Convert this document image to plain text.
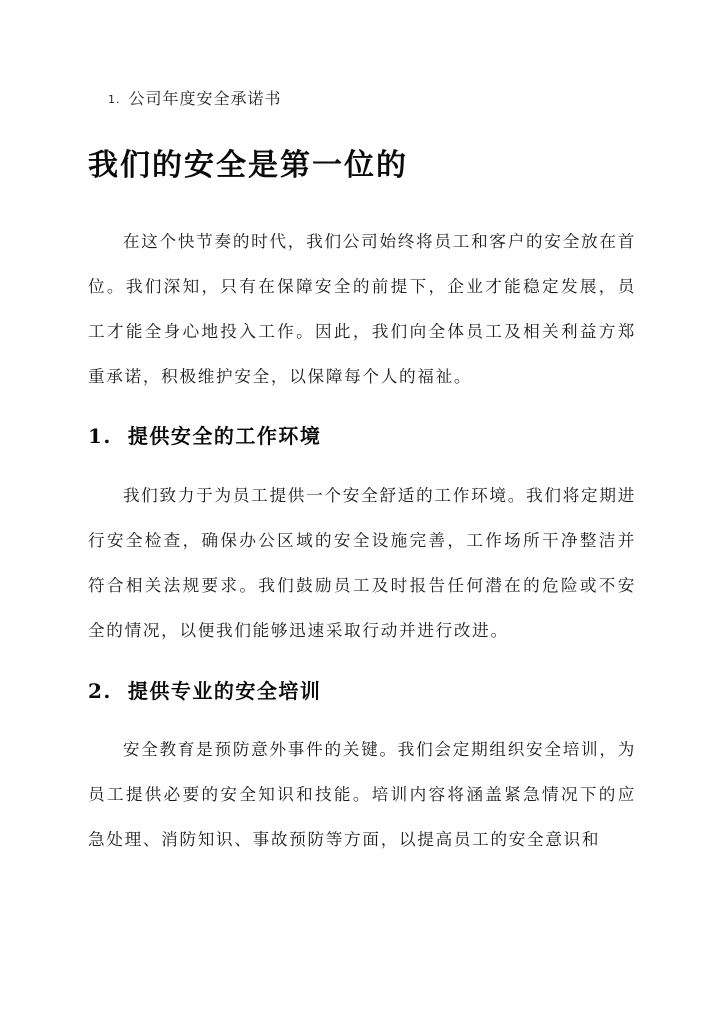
1. 公司年度安全承诺书
我们的安全是第一位的

在这个快节奏的时代，我们公司始终将员工和客户的安全放在首位。我们深知，只有在保障安全的前提下，企业才能稳定发展，员工才能全身心地投入工作。因此，我们向全体员工及相关利益方郑重承诺，积极维护安全，以保障每个人的福祉。

1. 提供安全的工作环境

我们致力于为员工提供一个安全舒适的工作环境。我们将定期进行安全检查，确保办公区域的安全设施完善，工作场所干净整洁并符合相关法规要求。我们鼓励员工及时报告任何潜在的危险或不安全的情况，以便我们能够迅速采取行动并进行改进。

2. 提供专业的安全培训

安全教育是预防意外事件的关键。我们会定期组织安全培训，为员工提供必要的安全知识和技能。培训内容将涵盖紧急情况下的应急处理、消防知识、事故预防等方面，以提高员工的安全意识和
